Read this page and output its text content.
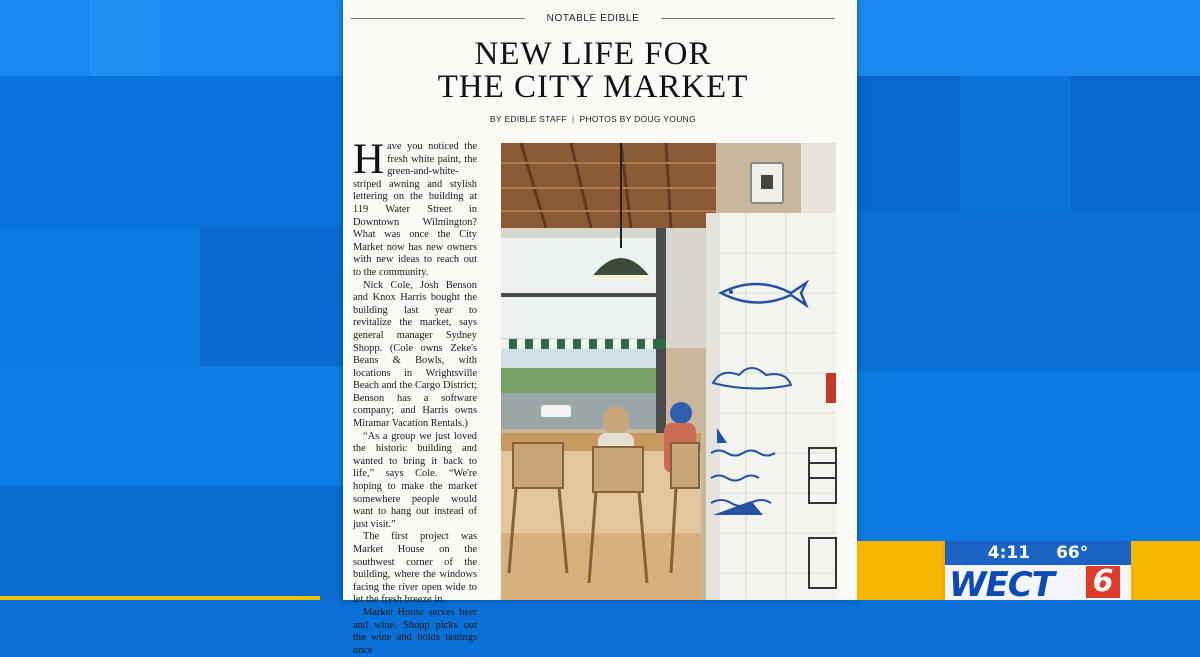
NOTABLE EDIBLE
NEW LIFE FOR
THE CITY MARKET
BY EDIBLE STAFF | PHOTOS BY DOUG YOUNG

Have you noticed the fresh white paint, the green-and-white-striped awning and stylish lettering on the building at 119 Water Street in Downtown Wilmington? What was once the City Market now has new owners with new ideas to reach out to the community.

Nick Cole, Josh Benson and Knox Harris bought the building last year to revitalize the market, says general manager Sydney Shopp. (Cole owns Zeke's Beans & Bowls, with locations in Wrightsville Beach and the Cargo District; Benson has a software company; and Harris owns Miramar Vacation Rentals.)

“As a group we just loved the historic building and wanted to bring it back to life,” says Cole. “We're hoping to make the market somewhere people would want to hang out instead of just visit.”

The first project was Market House on the southwest corner of the building, where the windows facing the river open wide to let the fresh breeze in.

Market House serves beer and wine. Shopp picks out the wine and holds tastings once

4:11 66°
WECT 6
